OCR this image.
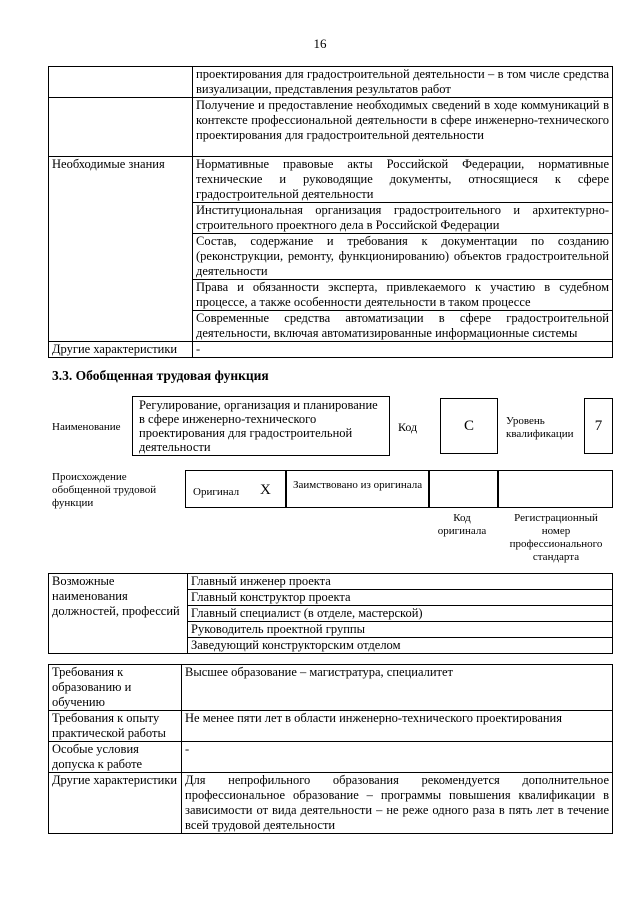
16
	проектирования для градостроительной деятельности – в том числе средства визуализации, представления результатов работ
	Получение и предоставление необходимых сведений в ходе коммуникаций в контексте профессиональной деятельности в сфере инженерно-технического проектирования для градостроительной деятельности
Необходимые знания	Нормативные правовые акты Российской Федерации, нормативные технические и руководящие документы, относящиеся к сфере градостроительной деятельности
	Институциональная организация градостроительного и архитектурно-строительного проектного дела в Российской Федерации
	Состав, содержание и требования к документации по созданию (реконструкции, ремонту, функционированию) объектов градостроительной деятельности
	Права и обязанности эксперта, привлекаемого к участию в судебном процессе, а также особенности деятельности в таком процессе
	Современные средства автоматизации в сфере градостроительной деятельности, включая автоматизированные информационные системы
Другие характеристики	-
3.3. Обобщенная трудовая функция
Наименование
Регулирование, организация и планирование в сфере инженерно-технического проектирования для градостроительной деятельности
Код	C	Уровень квалификации	7
Происхождение обобщенной трудовой функции
Оригинал X Заимствовано из оригинала
Код оригинала
Регистрационный номер профессионального стандарта
Возможные наименования должностей, профессий	Главный инженер проекта
Главный конструктор проекта
Главный специалист (в отделе, мастерской)
Руководитель проектной группы
Заведующий конструкторским отделом
Требования к образованию и обучению	Высшее образование – магистратура, специалитет
Требования к опыту практической работы	Не менее пяти лет в области инженерно-технического проектирования
Особые условия допуска к работе	-
Другие характеристики	Для непрофильного образования рекомендуется дополнительное профессиональное образование – программы повышения квалификации в зависимости от вида деятельности – не реже одного раза в пять лет в течение всей трудовой деятельности
